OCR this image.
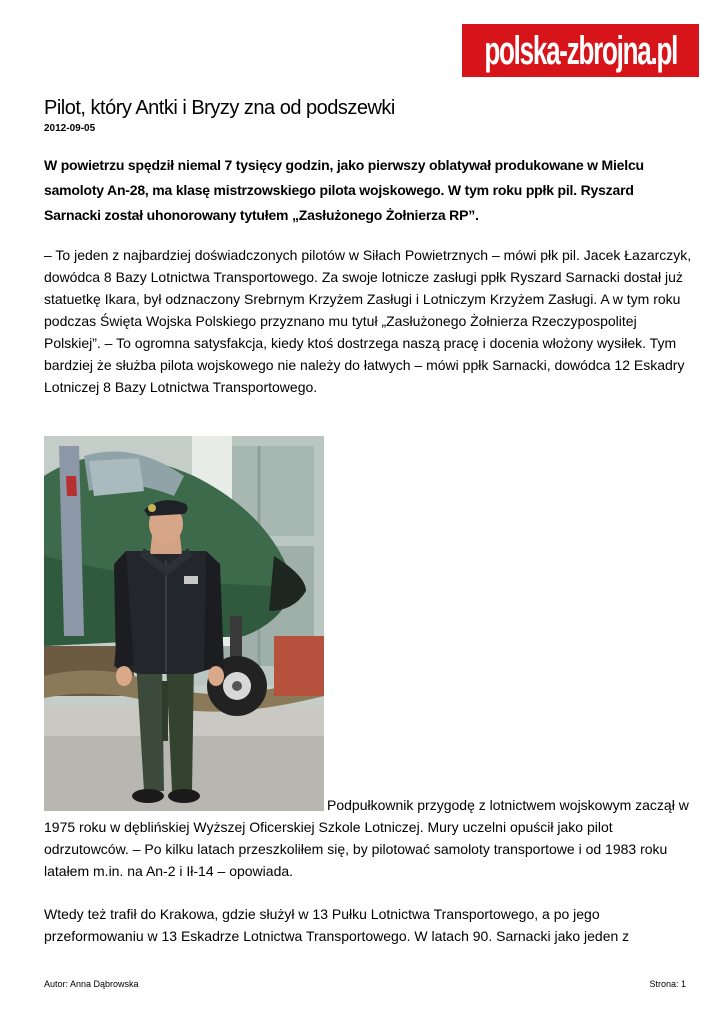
polska-zbrojna.pl
Pilot, który Antki i Bryzy zna od podszewki
2012-09-05

W powietrzu spędził niemal 7 tysięcy godzin, jako pierwszy oblatywał produkowane w Mielcu samoloty An-28, ma klasę mistrzowskiego pilota wojskowego. W tym roku ppłk pil. Ryszard Sarnacki został uhonorowany tytułem „Zasłużonego Żołnierza RP”.

– To jeden z najbardziej doświadczonych pilotów w Siłach Powietrznych – mówi płk pil. Jacek Łazarczyk, dowódca 8 Bazy Lotnictwa Transportowego. Za swoje lotnicze zasługi ppłk Ryszard Sarnacki dostał już statuetkę Ikara, był odznaczony Srebrnym Krzyżem Zasługi i Lotniczym Krzyżem Zasługi. A w tym roku podczas Święta Wojska Polskiego przyznano mu tytuł „Zasłużonego Żołnierza Rzeczypospolitej Polskiej”. – To ogromna satysfakcja, kiedy ktoś dostrzega naszą pracę i docenia włożony wysiłek. Tym bardziej że służba pilota wojskowego nie należy do łatwych – mówi ppłk Sarnacki, dowódca 12 Eskadry Lotniczej 8 Bazy Lotnictwa Transportowego.

Podpułkownik przygodę z lotnictwem wojskowym zaczął w 1975 roku w dęblińskiej Wyższej Oficerskiej Szkole Lotniczej. Mury uczelni opuścił jako pilot odrzutowców. – Po kilku latach przeszkoliłem się, by pilotować samoloty transportowe i od 1983 roku latałem m.in. na An-2 i Ił-14 – opowiada.

Wtedy też trafił do Krakowa, gdzie służył w 13 Pułku Lotnictwa Transportowego, a po jego przeformowaniu w 13 Eskadrze Lotnictwa Transportowego. W latach 90. Sarnacki jako jeden z

Autor: Anna Dąbrowska	Strona: 1
